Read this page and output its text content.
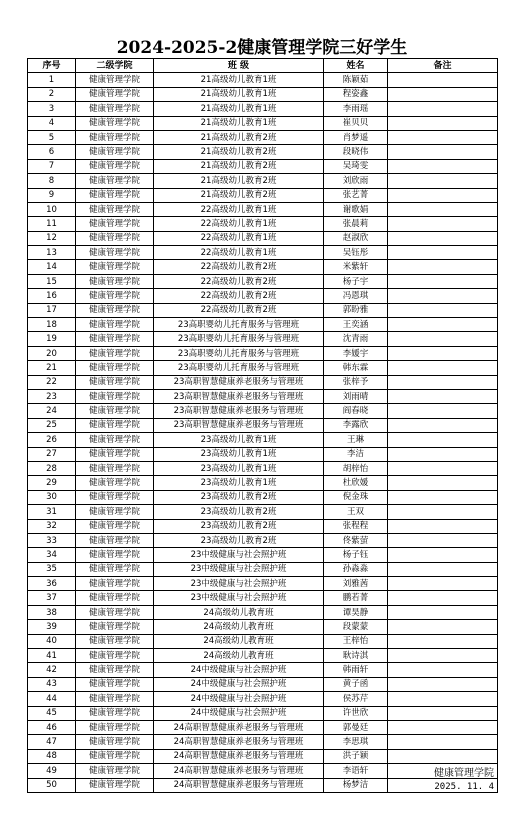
2024-2025-2健康管理学院三好学生
序号	二级学院	班 级	姓名	备注
1	健康管理学院	21高级幼儿教育1班	陈颖茹	
2	健康管理学院	21高级幼儿教育1班	程姿鑫	
3	健康管理学院	21高级幼儿教育1班	李雨瑶	
4	健康管理学院	21高级幼儿教育1班	崔贝贝	
5	健康管理学院	21高级幼儿教育2班	肖梦遥	
6	健康管理学院	21高级幼儿教育2班	段晓伟	
7	健康管理学院	21高级幼儿教育2班	吴琦雯	
8	健康管理学院	21高级幼儿教育2班	刘欣雨	
9	健康管理学院	21高级幼儿教育2班	张艺菁	
10	健康管理学院	22高级幼儿教育1班	谢歌娟	
11	健康管理学院	22高级幼儿教育1班	张晨莉	
12	健康管理学院	22高级幼儿教育1班	赵淑欣	
13	健康管理学院	22高级幼儿教育1班	吴钰彤	
14	健康管理学院	22高级幼儿教育2班	米紫轩	
15	健康管理学院	22高级幼儿教育2班	杨子宇	
16	健康管理学院	22高级幼儿教育2班	冯恩琪	
17	健康管理学院	22高级幼儿教育2班	郭盼雅	
18	健康管理学院	23高职婴幼儿托育服务与管理班	王奕涵	
19	健康管理学院	23高职婴幼儿托育服务与管理班	沈青雨	
20	健康管理学院	23高职婴幼儿托育服务与管理班	李媛宇	
21	健康管理学院	23高职婴幼儿托育服务与管理班	韩东霖	
22	健康管理学院	23高职智慧健康养老服务与管理班	张梓予	
23	健康管理学院	23高职智慧健康养老服务与管理班	刘雨晴	
24	健康管理学院	23高职智慧健康养老服务与管理班	阎春晓	
25	健康管理学院	23高职智慧健康养老服务与管理班	李露欣	
26	健康管理学院	23高级幼儿教育1班	王琳	
27	健康管理学院	23高级幼儿教育1班	李洁	
28	健康管理学院	23高级幼儿教育1班	胡梓怡	
29	健康管理学院	23高级幼儿教育1班	杜欣媛	
30	健康管理学院	23高级幼儿教育2班	倪金珠	
31	健康管理学院	23高级幼儿教育2班	王双	
32	健康管理学院	23高级幼儿教育2班	张程程	
33	健康管理学院	23高级幼儿教育2班	佟紫萤	
34	健康管理学院	23中级健康与社会照护班	杨子钰	
35	健康管理学院	23中级健康与社会照护班	孙淼淼	
36	健康管理学院	23中级健康与社会照护班	刘雅茜	
37	健康管理学院	23中级健康与社会照护班	鹏若菁	
38	健康管理学院	24高级幼儿教育班	谭昊静	
39	健康管理学院	24高级幼儿教育班	段蒙蒙	
40	健康管理学院	24高级幼儿教育班	王梓怡	
41	健康管理学院	24高级幼儿教育班	耿诗淇	
42	健康管理学院	24中级健康与社会照护班	韩雨轩	
43	健康管理学院	24中级健康与社会照护班	黄子函	
44	健康管理学院	24中级健康与社会照护班	侯苏芹	
45	健康管理学院	24中级健康与社会照护班	许世欣	
46	健康管理学院	24高职智慧健康养老服务与管理班	郭曼廷	
47	健康管理学院	24高职智慧健康养老服务与管理班	李思琪	
48	健康管理学院	24高职智慧健康养老服务与管理班	洪子颖	
49	健康管理学院	24高职智慧健康养老服务与管理班	李语轩	
50	健康管理学院	24高职智慧健康养老服务与管理班	杨梦洁	
健康管理学院
2025. 11. 4
